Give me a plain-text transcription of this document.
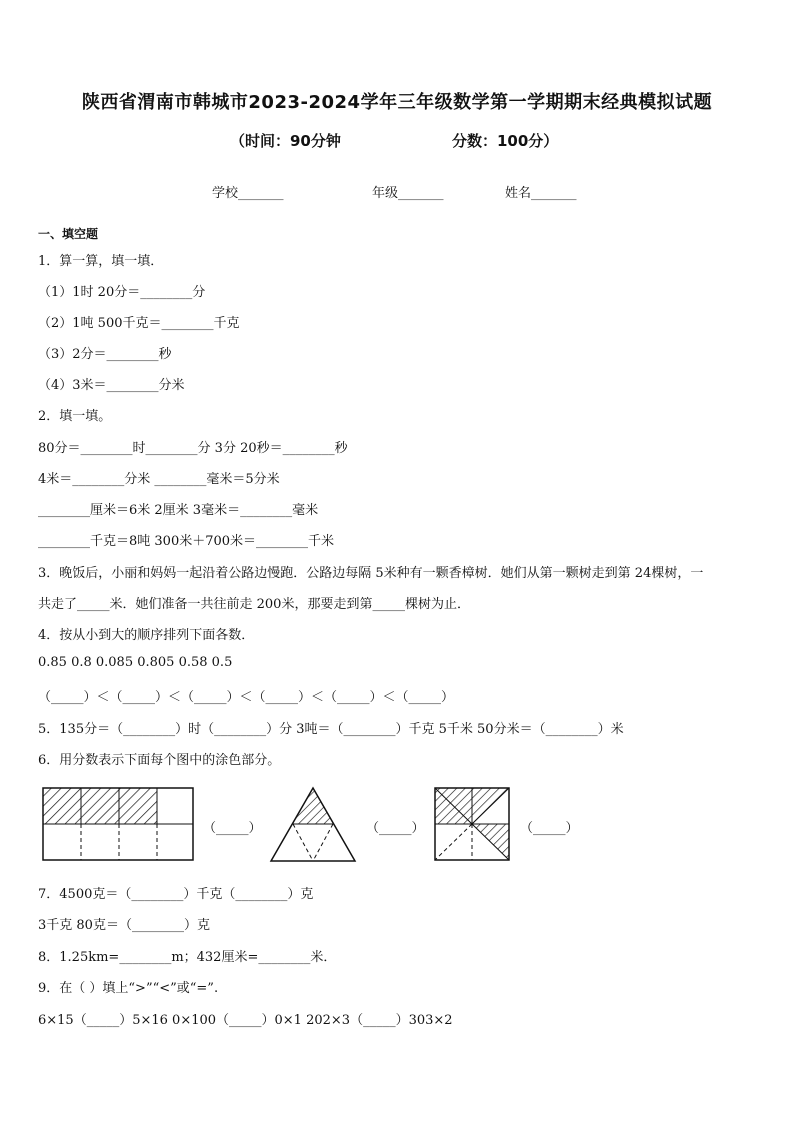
陕西省渭南市韩城市2023-2024学年三年级数学第一学期期末经典模拟试题
（时间：90分钟	分数：100分）
学校_______	年级_______	姓名_______
一、填空题
1．算一算，填一填．
（1）1时 20分＝________分
（2）1吨 500千克＝________千克
（3）2分＝________秒
（4）3米＝________分米
2．填一填。
80分＝________时________分 3分 20秒＝________秒
4米＝________分米 ________毫米＝5分米
________厘米＝6米 2厘米 3毫米＝________毫米
________千克＝8吨 300米＋700米＝________千米
3．晚饭后，小丽和妈妈一起沿着公路边慢跑．公路边每隔 5米种有一颗香樟树．她们从第一颗树走到第 24棵树，一
共走了_____米．她们准备一共往前走 200米，那要走到第_____棵树为止．
4．按从小到大的顺序排列下面各数．
0.85 0.8 0.085 0.805 0.58 0.5
（_____）＜（_____）＜（_____）＜（_____）＜（_____）＜（_____）
5．135分＝（________）时（________）分 3吨＝（________）千克 5千米 50分米＝（________）米
6．用分数表示下面每个图中的涂色部分。
（_____）	（_____）	（_____）
7．4500克＝（________）千克（________）克
3千克 80克＝（________）克
8．1.25km=________m；432厘米=________米．
9．在（ ）填上“>”“<”或“=”.
6×15（_____）5×16 0×100（_____）0×1 202×3（_____）303×2
